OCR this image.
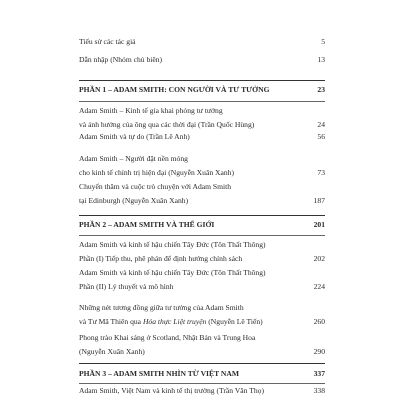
Tiểu sử các tác giả	5
Dẫn nhập (Nhóm chủ biên)	13
PHẦN 1 – ADAM SMITH: CON NGƯỜI VÀ TƯ TƯỞNG	23
Adam Smith – Kinh tế gia khai phóng tư tưởng
và ảnh hưởng của ông qua các thời đại (Trần Quốc Hùng)	24
Adam Smith và tự do (Trần Lê Anh)	56
Adam Smith – Người đặt nền móng
cho kinh tế chính trị hiện đại (Nguyễn Xuân Xanh)	73
Chuyến thăm và cuộc trò chuyện với Adam Smith
tại Edinburgh (Nguyễn Xuân Xanh)	187
PHẦN 2 – ADAM SMITH VÀ THẾ GIỚI	201
Adam Smith và kinh tế hậu chiến Tây Đức (Tôn Thất Thông)
Phần (I) Tiếp thu, phê phán để định hướng chính sách	202
Adam Smith và kinh tế hậu chiến Tây Đức (Tôn Thất Thông)
Phần (II) Lý thuyết và mô hình	224
Những nét tương đồng giữa tư tưởng của Adam Smith
và Tư Mã Thiên qua Hóa thực Liệt truyện (Nguyễn Lê Tiến)	260
Phong trào Khai sáng ở Scotland, Nhật Bản và Trung Hoa
(Nguyễn Xuân Xanh)	290
PHẦN 3 – ADAM SMITH NHÌN TỪ VIỆT NAM	337
Adam Smith, Việt Nam và kinh tế thị trường (Trần Văn Thọ)	338
